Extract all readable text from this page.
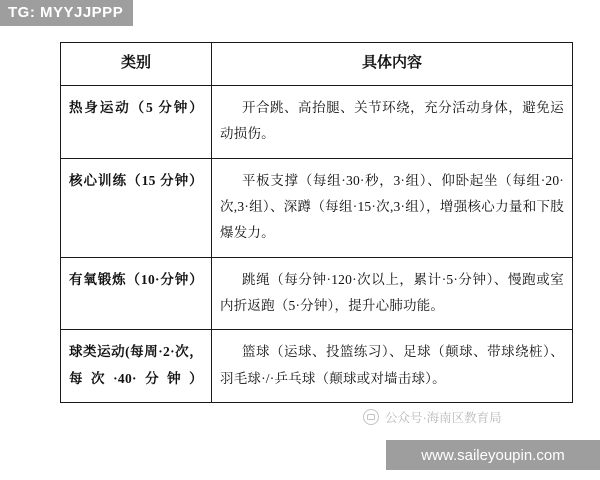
TG: MYYJJPPP
类别	具体内容
热身运动（5 分钟）	开合跳、高抬腿、关节环绕，充分活动身体，避免运动损伤。

核心训练（15 分钟）	平板支撑（每组·30·秒，3·组）、仰卧起坐（每组·20·次,3·组）、深蹲（每组·15·次,3·组），增强核心力量和下肢爆发力。

有氧锻炼（10·分钟）	跳绳（每分钟·120·次以上，累计·5·分钟）、慢跑或室内折返跑（5·分钟），提升心肺功能。

球类运动(每周·2·次，每次·40·分钟）	篮球（运球、投篮练习）、足球（颠球、带球绕桩）、羽毛球·/·乒乓球（颠球或对墙击球）。
公众号·海南区教育局
www.saileyoupin.com
